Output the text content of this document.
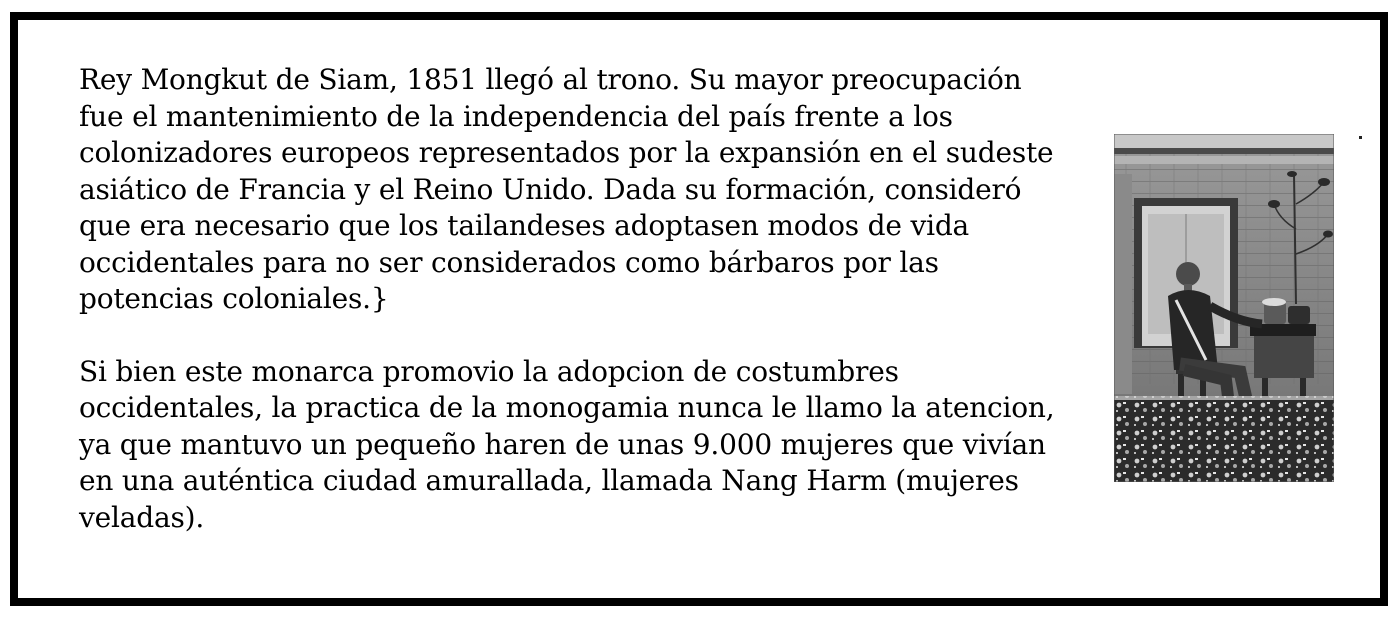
Rey Mongkut de Siam, 1851 llegó al trono. Su mayor preocupación
fue el mantenimiento de la independencia del país frente a los
colonizadores europeos representados por la expansión en el sudeste
asiático de Francia y el Reino Unido. Dada su formación, consideró
que era necesario que los tailandeses adoptasen modos de vida
occidentales para no ser considerados como bárbaros por las
potencias coloniales.}

Si bien este monarca promovio la adopcion de costumbres
occidentales, la practica de la monogamia nunca le llamo la atencion,
ya que mantuvo un pequeño haren de unas 9.000 mujeres que vivían
en una auténtica ciudad amurallada, llamada Nang Harm (mujeres
veladas).
